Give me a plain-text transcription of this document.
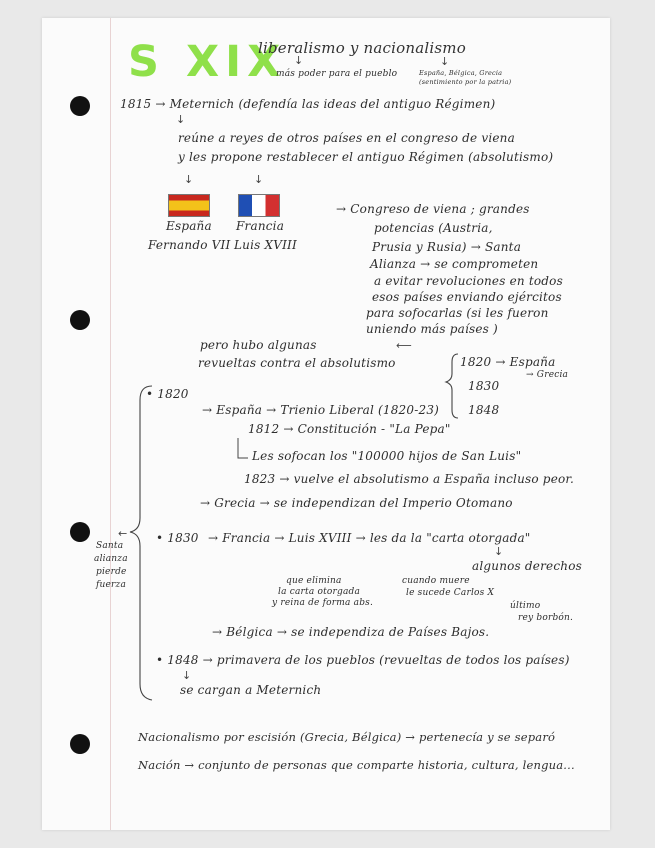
S XIX
liberalismo y nacionalismo
↓
más poder para el pueblo
↓
España, Bélgica, Grecia
(sentimiento por la patria)
1815 → Meternich (defendía las ideas del antiguo Régimen)
↓
reúne a reyes de otros países en el congreso de viena
y les propone restablecer el antiguo Régimen (absolutismo)
↓	↓
España Francia
Fernando VII Luis XVIII
→ Congreso de viena ; grandes
potencias (Austria,
Prusia y Rusia) → Santa
Alianza → se comprometen
a evitar revoluciones en todos
esos países enviando ejércitos
para sofocarlas (si les fueron
uniendo más países )
⟵
pero hubo algunas
revueltas contra el absolutismo	1820 → España
→ Grecia
1830
1848
• 1820
→ España → Trienio Liberal (1820-23)
1812 → Constitución - "La Pepa"
Les sofocan los "100000 hijos de San Luis"
1823 → vuelve el absolutismo a España incluso peor.
→ Grecia → se independizan del Imperio Otomano
• 1830 → Francia → Luis XVIII → les da la "carta otorgada"
↓
algunos derechos
que elimina
la carta otorgada
y reina de forma abs.
cuando muere
le sucede Carlos X
último
rey borbón.
→ Bélgica → se independiza de Países Bajos.
• 1848 → primavera de los pueblos (revueltas de todos los países)
↓
se cargan a Meternich
←
Santa
alianza
pierde
fuerza
Nacionalismo por escisión (Grecia, Bélgica) → pertenecía y se separó
Nación → conjunto de personas que comparte historia, cultura, lengua...
